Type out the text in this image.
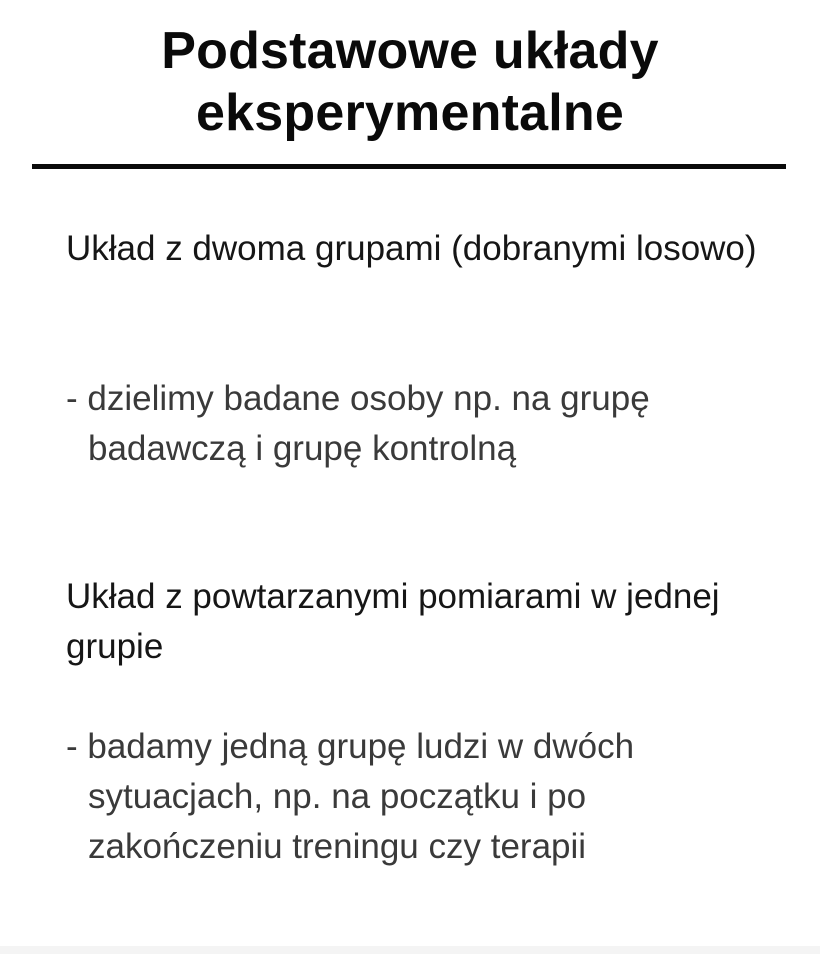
Podstawowe układy eksperymentalne

Układ z dwoma grupami (dobranymi losowo)

- dzielimy badane osoby np. na grupę badawczą i grupę kontrolną

Układ z powtarzanymi pomiarami w jednej grupie

- badamy jedną grupę ludzi w dwóch sytuacjach, np. na początku i po zakończeniu treningu czy terapii
